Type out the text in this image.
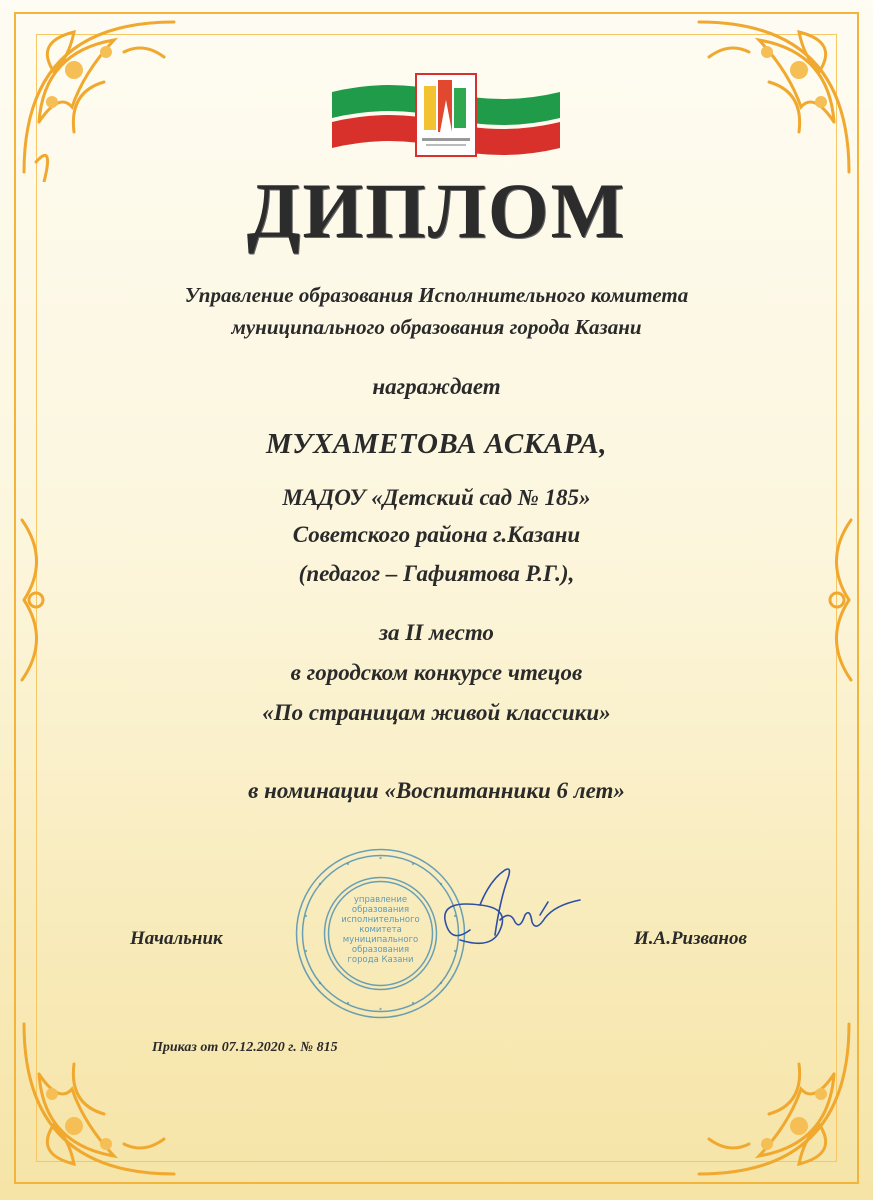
ДИПЛОМ
Управление образования Исполнительного комитета
муниципального образования города Казани
награждает
МУХАМЕТОВА АСКАРА,
МАДОУ «Детский сад № 185»
Советского района г.Казани
(педагог – Гафиятова Р.Г.),
за II место
в городском конкурсе чтецов
«По страницам живой классики»
в номинации «Воспитанники 6 лет»
управление
образования
исполнительного
комитета
муниципального
образования
города Казани
Начальник	И.А.Ризванов
Приказ от 07.12.2020 г. № 815
